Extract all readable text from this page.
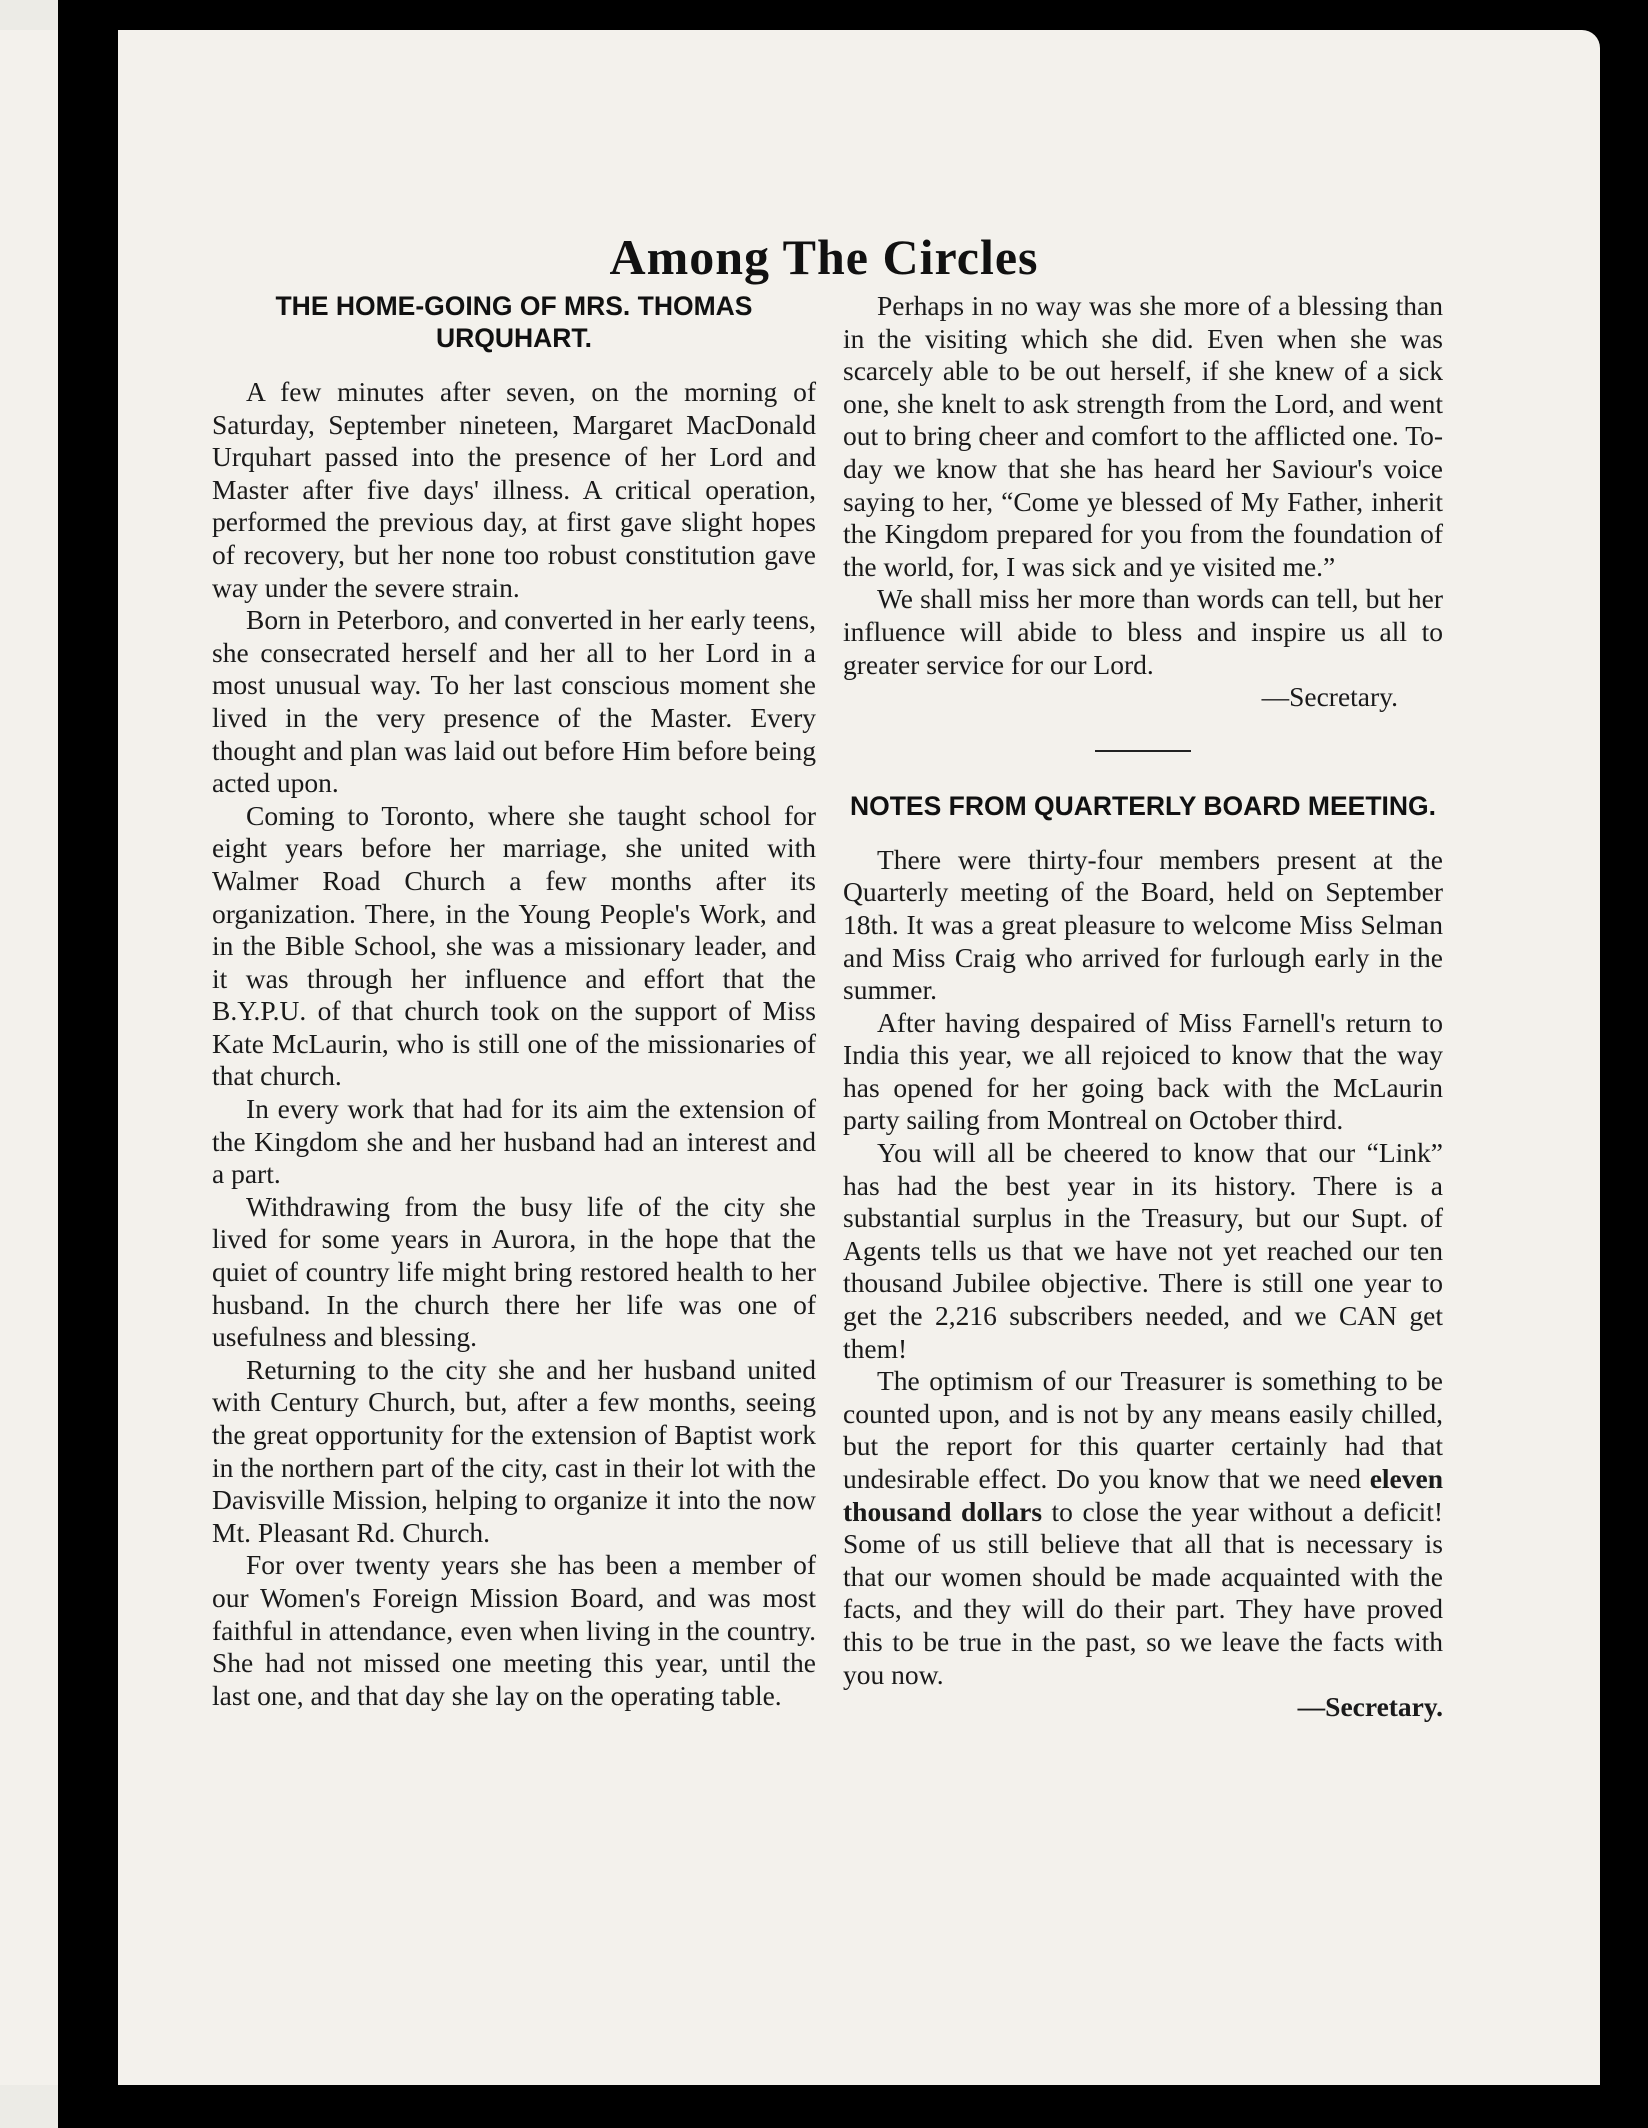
Among The Circles
THE HOME-GOING OF MRS. THOMAS URQUHART.

A few minutes after seven, on the morning of Saturday, September nineteen, Margaret MacDonald Urquhart passed into the presence of her Lord and Master after five days' illness. A critical operation, performed the previous day, at first gave slight hopes of recovery, but her none too robust constitution gave way under the severe strain.

Born in Peterboro, and converted in her early teens, she consecrated herself and her all to her Lord in a most unusual way. To her last conscious moment she lived in the very presence of the Master. Every thought and plan was laid out before Him before being acted upon.

Coming to Toronto, where she taught school for eight years before her marriage, she united with Walmer Road Church a few months after its organization. There, in the Young People's Work, and in the Bible School, she was a missionary leader, and it was through her influence and effort that the B.Y.P.U. of that church took on the support of Miss Kate McLaurin, who is still one of the missionaries of that church.

In every work that had for its aim the extension of the Kingdom she and her husband had an interest and a part.

Withdrawing from the busy life of the city she lived for some years in Aurora, in the hope that the quiet of country life might bring restored health to her husband. In the church there her life was one of usefulness and blessing.

Returning to the city she and her husband united with Century Church, but, after a few months, seeing the great opportunity for the extension of Baptist work in the northern part of the city, cast in their lot with the Davisville Mission, helping to organize it into the now Mt. Pleasant Rd. Church.

For over twenty years she has been a member of our Women's Foreign Mission Board, and was most faithful in attendance, even when living in the country. She had not missed one meeting this year, until the last one, and that day she lay on the operating table.

Perhaps in no way was she more of a blessing than in the visiting which she did. Even when she was scarcely able to be out herself, if she knew of a sick one, she knelt to ask strength from the Lord, and went out to bring cheer and comfort to the afflicted one. To-day we know that she has heard her Saviour's voice saying to her, “Come ye blessed of My Father, inherit the Kingdom prepared for you from the foundation of the world, for, I was sick and ye visited me.”

We shall miss her more than words can tell, but her influence will abide to bless and inspire us all to greater service for our Lord.

—Secretary.

NOTES FROM QUARTERLY BOARD MEETING.

There were thirty-four members present at the Quarterly meeting of the Board, held on September 18th. It was a great pleasure to welcome Miss Selman and Miss Craig who arrived for furlough early in the summer.

After having despaired of Miss Farnell's return to India this year, we all rejoiced to know that the way has opened for her going back with the McLaurin party sailing from Montreal on October third.

You will all be cheered to know that our “Link” has had the best year in its history. There is a substantial surplus in the Treasury, but our Supt. of Agents tells us that we have not yet reached our ten thousand Jubilee objective. There is still one year to get the 2,216 subscribers needed, and we CAN get them!

The optimism of our Treasurer is something to be counted upon, and is not by any means easily chilled, but the report for this quarter certainly had that undesirable effect. Do you know that we need eleven thousand dollars to close the year without a deficit! Some of us still believe that all that is necessary is that our women should be made acquainted with the facts, and they will do their part. They have proved this to be true in the past, so we leave the facts with you now.

—Secretary.
